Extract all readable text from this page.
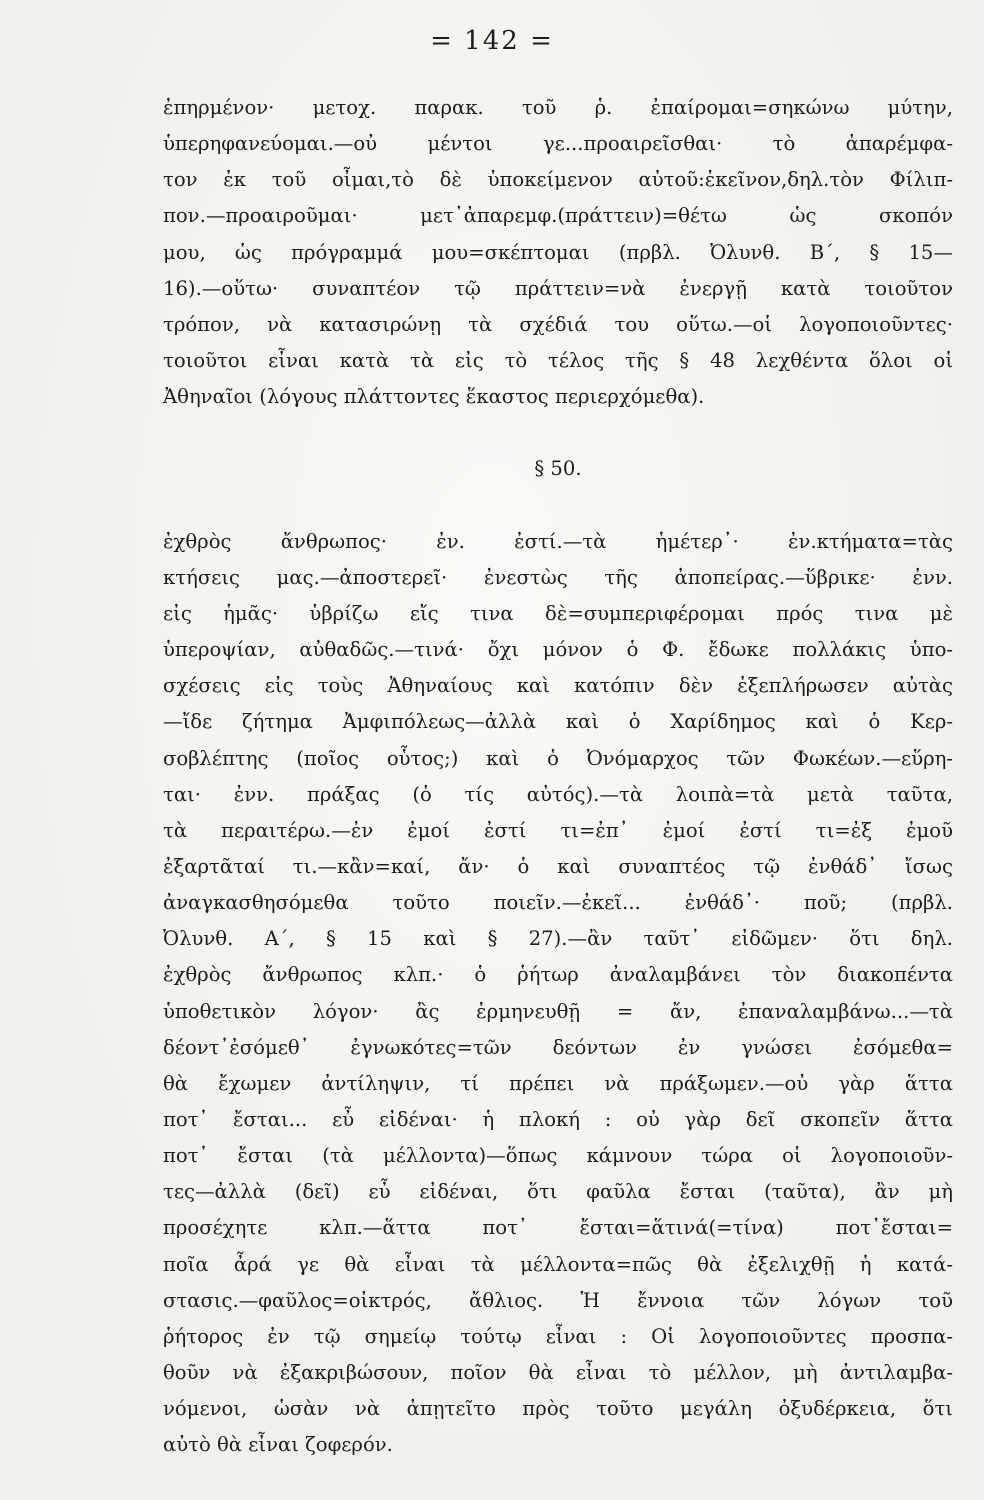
= 142 =
ἐπηρμένον· μετοχ. παρακ. τοῦ ῥ. ἐπαίρομαι=σηκώνω μύτην,
ὑπερηφανεύομαι.—οὐ μέντοι γε...προαιρεῖσθαι· τὸ ἀπαρέμφα-
τον ἐκ τοῦ οἶμαι,τὸ δὲ ὑποκείμενον αὐτοῦ:ἐκεῖνον,δηλ.τὸν Φίλιπ-
πον.—προαιροῦμαι· μετ᾿ἀπαρεμφ.(πράττειν)=θέτω ὡς σκοπόν
μου, ὡς πρόγραμμά μου=σκέπτομαι (πρβλ. Ὀλυνθ. Β΄, § 15—
16).—οὕτω· συναπτέον τῷ πράττειν=νὰ ἐνεργῇ κατὰ τοιοῦτον
τρόπον, νὰ κατασιρώνῃ τὰ σχέδιά του οὕτω.—οἱ λογοποιοῦντες·
τοιοῦτοι εἶναι κατὰ τὰ εἰς τὸ τέλος τῆς § 48 λεχθέντα ὅλοι οἱ
Ἀθηναῖοι (λόγους πλάττοντες ἕκαστος περιερχόμεθα).
§ 50.
ἐχθρὸς ἄνθρωπος· ἐν. ἐστί.—τὰ ἡμέτερ᾿· ἐν.κτήματα=τὰς
κτήσεις μας.—ἀποστερεῖ· ἐνεστὼς τῆς ἀποπείρας.—ὕβρικε· ἐνν.
εἰς ἡμᾶς· ὑβρίζω εἴς τινα δὲ=συμπεριφέρομαι πρός τινα μὲ
ὑπεροψίαν, αὐθαδῶς.—τινά· ὄχι μόνον ὁ Φ. ἔδωκε πολλάκις ὑπο-
σχέσεις εἰς τοὺς Ἀθηναίους καὶ κατόπιν δὲν ἐξεπλήρωσεν αὐτὰς
—ἴδε ζήτημα Ἀμφιπόλεως—ἀλλὰ καὶ ὁ Χαρίδημος καὶ ὁ Κερ-
σοβλέπτης (ποῖος οὗτος;) καὶ ὁ Ὀνόμαρχος τῶν Φωκέων.—εὕρη-
ται· ἐνν. πράξας (ὁ τίς αὐτός).—τὰ λοιπὰ=τὰ μετὰ ταῦτα,
τὰ περαιτέρω.—ἐν ἐμοί ἐστί τι=ἐπ᾿ ἐμοί ἐστί τι=ἐξ ἐμοῦ
ἐξαρτᾶταί τι.—κἂν=καί, ἄν· ὁ καὶ συναπτέος τῷ ἐνθάδ᾿ ἴσως
ἀναγκασθησόμεθα τοῦτο ποιεῖν.—ἐκεῖ... ἐνθάδ᾿· ποῦ; (πρβλ.
Ὀλυνθ. Α΄, § 15 καὶ § 27).—ἂν ταῦτ᾿ εἰδῶμεν· ὅτι δηλ.
ἐχθρὸς ἄνθρωπος κλπ.· ὁ ῥήτωρ ἀναλαμβάνει τὸν διακοπέντα
ὑποθετικὸν λόγον· ἂς ἑρμηνευθῇ = ἄν, ἐπαναλαμβάνω...—τὰ
δέοντ᾿ἐσόμεθ᾿ ἐγνωκότες=τῶν δεόντων ἐν γνώσει ἐσόμεθα=
θὰ ἔχωμεν ἀντίληψιν, τί πρέπει νὰ πράξωμεν.—οὐ γὰρ ἅττα
ποτ᾿ ἔσται... εὖ εἰδέναι· ἡ πλοκή : οὐ γὰρ δεῖ σκοπεῖν ἅττα
ποτ᾿ ἔσται (τὰ μέλλοντα)—ὅπως κάμνουν τώρα οἱ λογοποιοῦν-
τες—ἀλλὰ (δεῖ) εὖ εἰδέναι, ὅτι φαῦλα ἔσται (ταῦτα), ἂν μὴ
προσέχητε κλπ.—ἅττα ποτ᾿ ἔσται=ἅτινά(=τίνα) ποτ᾿ἔσται=
ποῖα ἆρά γε θὰ εἶναι τὰ μέλλοντα=πῶς θὰ ἐξελιχθῇ ἡ κατά-
στασις.—φαῦλος=οἰκτρός, ἄθλιος. Ἡ ἔννοια τῶν λόγων τοῦ
ῥήτορος ἐν τῷ σημείῳ τούτῳ εἶναι : Οἱ λογοποιοῦντες προσπα-
θοῦν νὰ ἐξακριβώσουν, ποῖον θὰ εἶναι τὸ μέλλον, μὴ ἀντιλαμβα-
νόμενοι, ὡσὰν νὰ ἀπῃτεῖτο πρὸς τοῦτο μεγάλη ὀξυδέρκεια, ὅτι
αὐτὸ θὰ εἶναι ζοφερόν.
